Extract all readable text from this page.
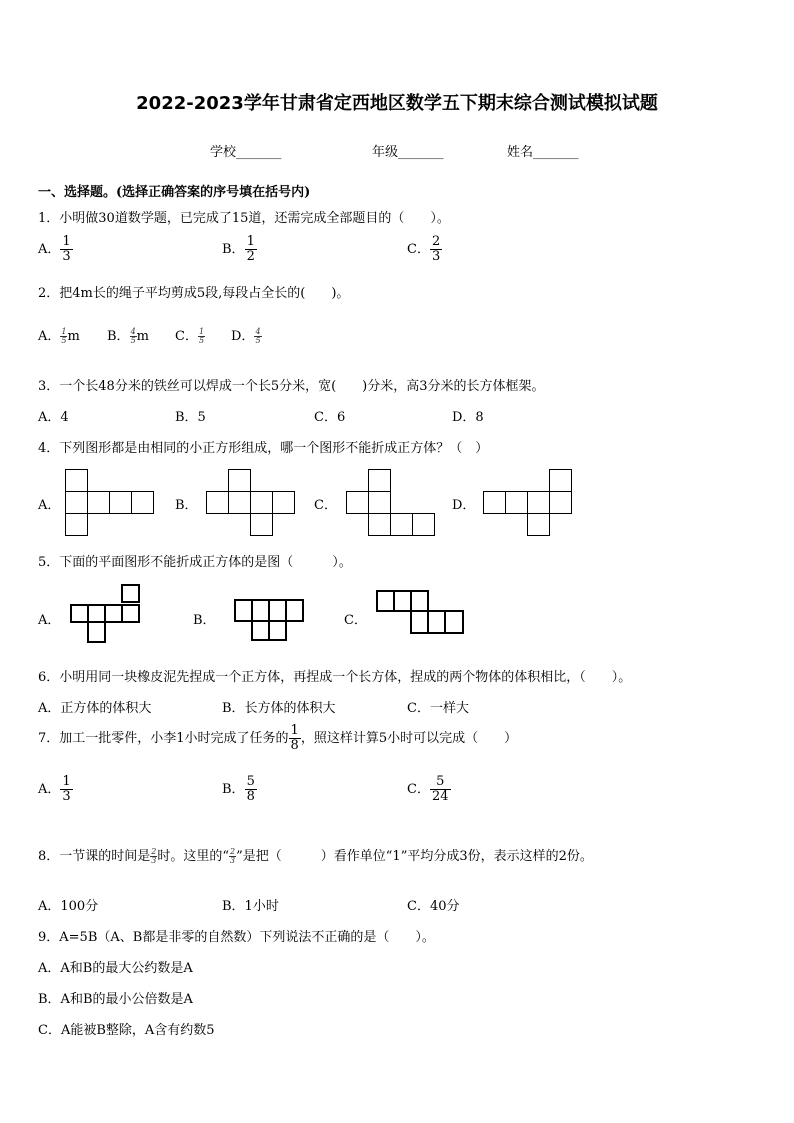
2022-2023学年甘肃省定西地区数学五下期末综合测试模拟试题
学校_______	年级_______	姓名_______
一、选择题。(选择正确答案的序号填在括号内)
1．小明做30道数学题，已完成了15道，还需完成全部题目的（　　）。
A． $\frac{1}{3}$	B． $\frac{1}{2}$	C． $\frac{2}{3}$
2．把4m长的绳子平均剪成5段,每段占全长的(　　)。
A． $\frac{1}{5}$ m B． $\frac{4}{5}$ m C． $\frac{1}{5}$ D． $\frac{4}{5}$
3．一个长48分米的铁丝可以焊成一个长5分米，宽(　　)分米，高3分米的长方体框架。
A．4	B．5	C．6	D．8
4．下列图形都是由相同的小正方形组成，哪一个图形不能折成正方体？（　）
A．	B．	C．	D．
5．下面的平面图形不能折成正方体的是图（　　　）。
A．	B．	C．
6．小明用同一块橡皮泥先捏成一个正方体，再捏成一个长方体，捏成的两个物体的体积相比，（　　）。
A．正方体的体积大	B．长方体的体积大	C．一样大
7．加工一批零件，小李1小时完成了任务的 $\frac{1}{8}$ ，照这样计算5小时可以完成（　　）
A． $\frac{1}{3}$	B． $\frac{5}{8}$	C． $\frac{5}{24}$
8．一节课的时间是 $\frac{2}{3}$ 时。这里的“ $\frac{2}{3}$ ”是把（　　　）看作单位“1”平均分成3份，表示这样的2份。
A．100分	B．1小时	C．40分
9．A=5B（A、B都是非零的自然数）下列说法不正确的是（　　）。
A．A和B的最大公约数是A
B．A和B的最小公倍数是A
C．A能被B整除，A含有约数5
